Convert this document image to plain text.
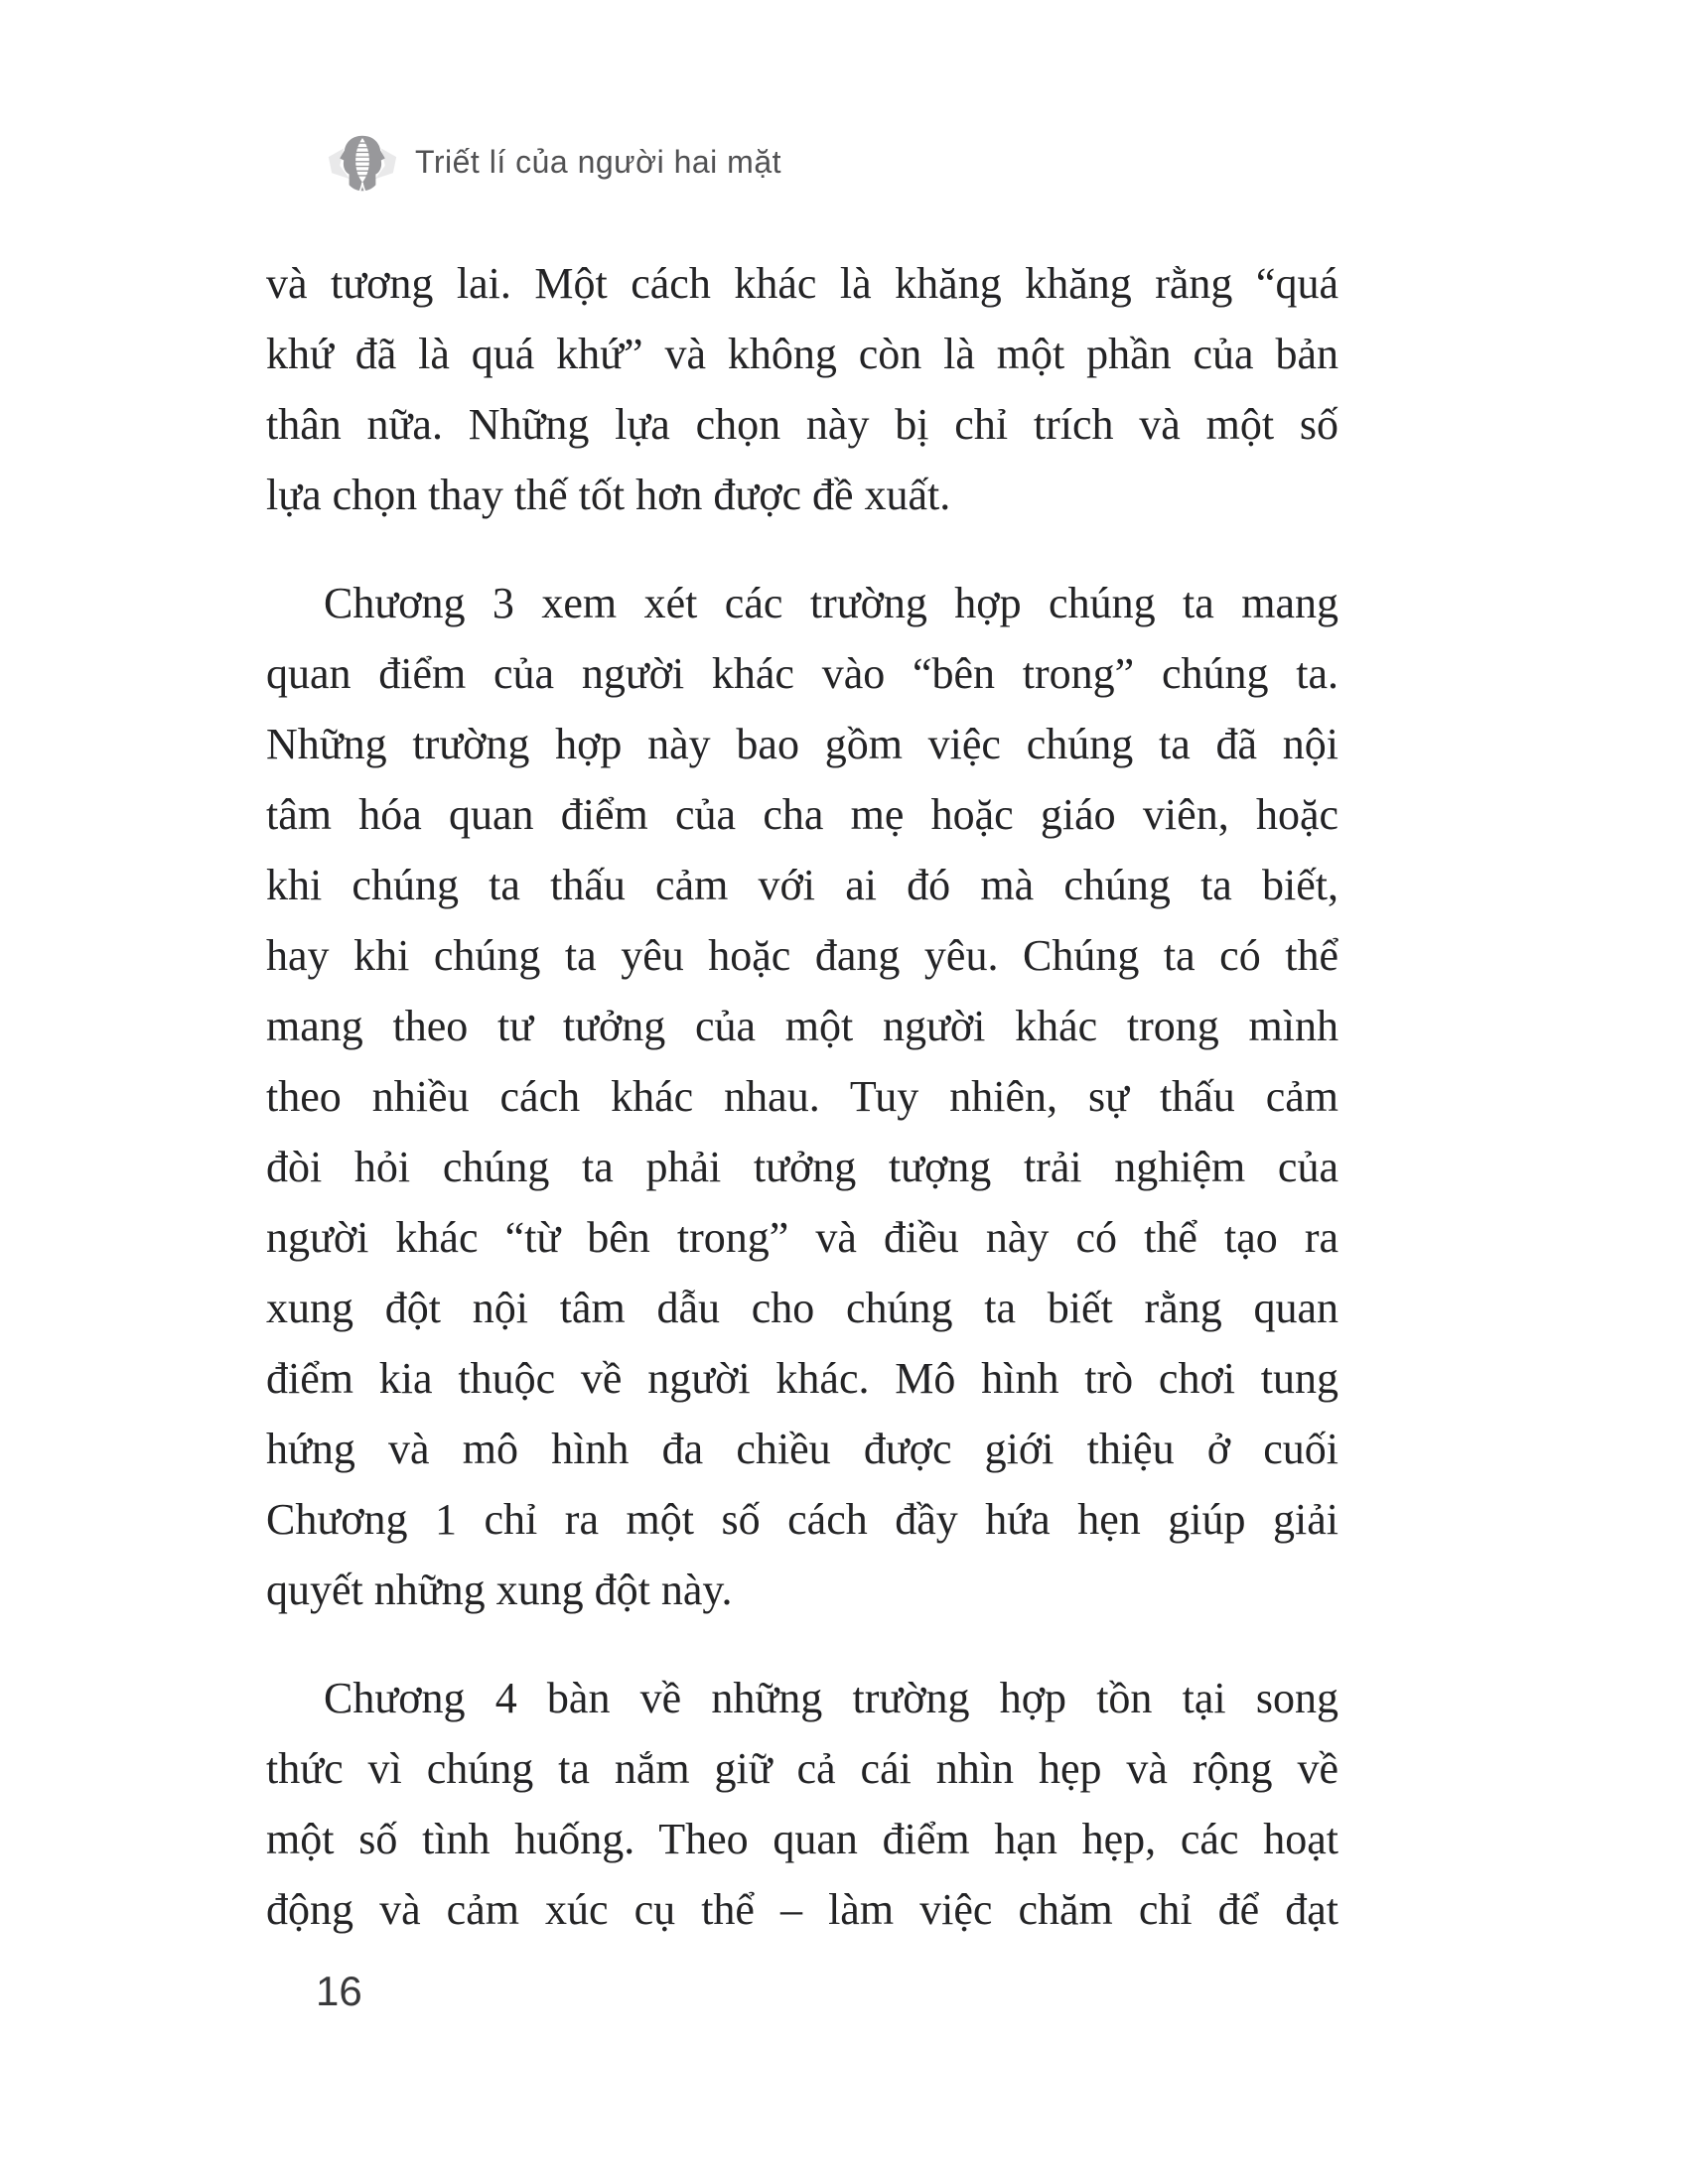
Triết lí của người hai mặt
và tương lai. Một cách khác là khăng khăng rằng “quá
khứ đã là quá khứ” và không còn là một phần của bản
thân nữa. Những lựa chọn này bị chỉ trích và một số
lựa chọn thay thế tốt hơn được đề xuất.
Chương 3 xem xét các trường hợp chúng ta mang
quan điểm của người khác vào “bên trong” chúng ta.
Những trường hợp này bao gồm việc chúng ta đã nội
tâm hóa quan điểm của cha mẹ hoặc giáo viên, hoặc
khi chúng ta thấu cảm với ai đó mà chúng ta biết,
hay khi chúng ta yêu hoặc đang yêu. Chúng ta có thể
mang theo tư tưởng của một người khác trong mình
theo nhiều cách khác nhau. Tuy nhiên, sự thấu cảm
đòi hỏi chúng ta phải tưởng tượng trải nghiệm của
người khác “từ bên trong” và điều này có thể tạo ra
xung đột nội tâm dẫu cho chúng ta biết rằng quan
điểm kia thuộc về người khác. Mô hình trò chơi tung
hứng và mô hình đa chiều được giới thiệu ở cuối
Chương 1 chỉ ra một số cách đầy hứa hẹn giúp giải
quyết những xung đột này.
Chương 4 bàn về những trường hợp tồn tại song
thức vì chúng ta nắm giữ cả cái nhìn hẹp và rộng về
một số tình huống. Theo quan điểm hạn hẹp, các hoạt
động và cảm xúc cụ thể – làm việc chăm chỉ để đạt
16
